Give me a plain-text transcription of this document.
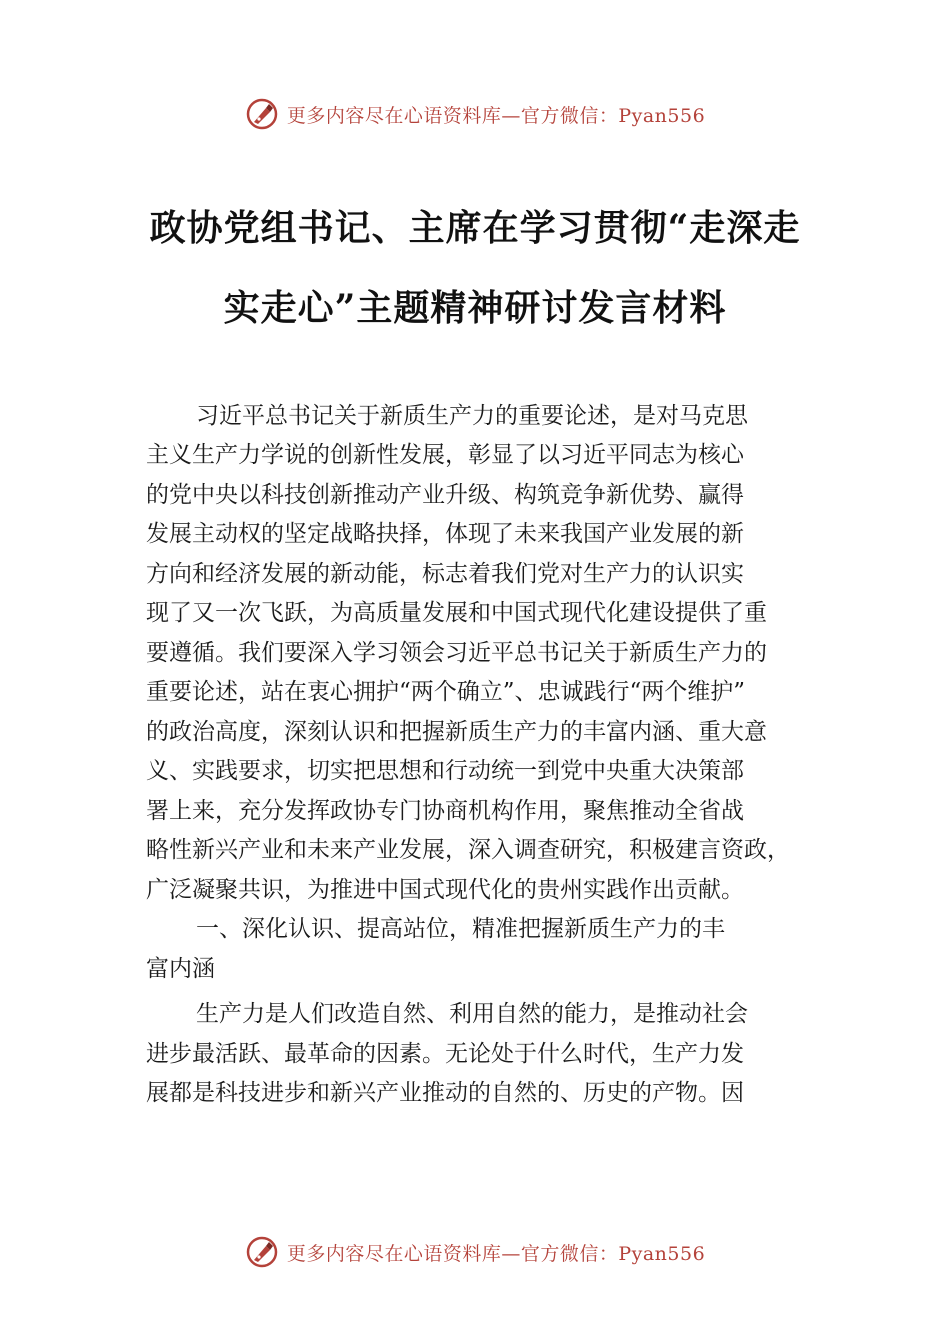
更多内容尽在心语资料库—官方微信：Pyan556
政协党组书记、主席在学习贯彻“走深走
实走心”主题精神研讨发言材料

习近平总书记关于新质生产力的重要论述，是对马克思

主义生产力学说的创新性发展，彰显了以习近平同志为核心

的党中央以科技创新推动产业升级、构筑竞争新优势、赢得

发展主动权的坚定战略抉择，体现了未来我国产业发展的新

方向和经济发展的新动能，标志着我们党对生产力的认识实

现了又一次飞跃，为高质量发展和中国式现代化建设提供了重

要遵循。我们要深入学习领会习近平总书记关于新质生产力的

重要论述，站在衷心拥护“两个确立”、忠诚践行“两个维护”

的政治高度，深刻认识和把握新质生产力的丰富内涵、重大意

义、实践要求，切实把思想和行动统一到党中央重大决策部

署上来，充分发挥政协专门协商机构作用，聚焦推动全省战

略性新兴产业和未来产业发展，深入调查研究，积极建言资政，

广泛凝聚共识，为推进中国式现代化的贵州实践作出贡献。

一、深化认识、提高站位，精准把握新质生产力的丰

富内涵

生产力是人们改造自然、利用自然的能力，是推动社会

进步最活跃、最革命的因素。无论处于什么时代，生产力发

展都是科技进步和新兴产业推动的自然的、历史的产物。因

更多内容尽在心语资料库—官方微信：Pyan556
